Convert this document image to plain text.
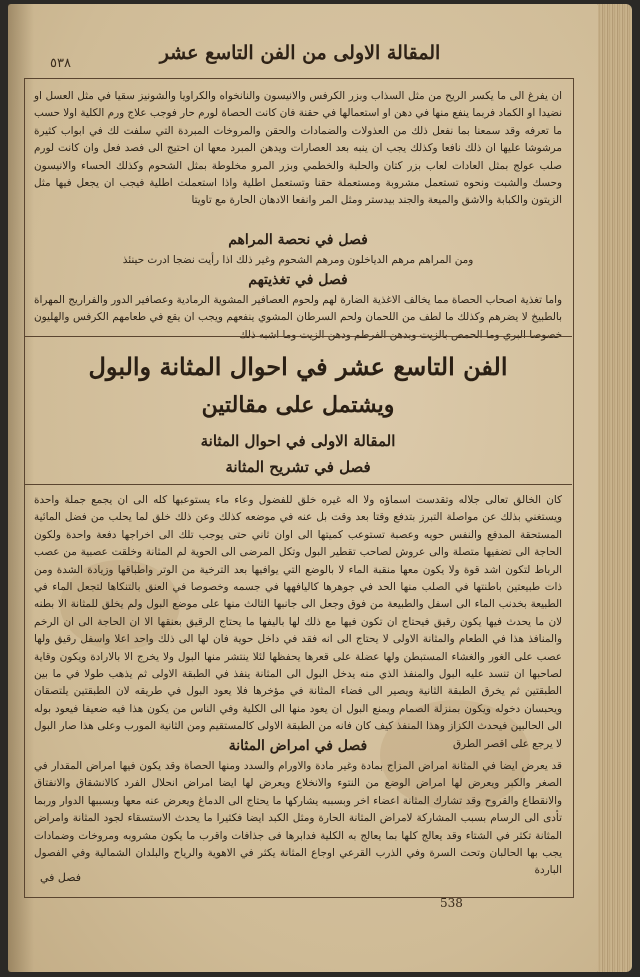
٥٣٨	المقالة الاولى من الفن التاسع عشر

ان يفرغ الى ما يكسر الريح من مثل السذاب وبزر الكرفس والانيسون والنانخواه والكراويا والشونيز سقيا في مثل العسل او نضيدا او الكماد فربما ينفع منها في دهن او استعمالها في حقنة فان كانت الحصاة لورم حار فوجب علاج ورم الكلية اولا حسب ما تعرفه وقد سمعنا بما نفعل ذلك من العذولات والضمادات والحقن والمروخات المبردة التي سلفت لك في ابواب كثيرة مرشوشا عليها ان ذلك نافعا وكذلك يجب ان ينبه بعد العصارات ويدهن المبرد معها ان احتيج الى فصد فعل وان كانت لورم صلب عولج بمثل العادات لعاب بزر كتان والحلبة والخطمي وبزر المرو مخلوطة بمثل الشحوم وكذلك الحساء والانيسون وحسك والشبت ونحوه تستعمل مشروبة ومستعملة حقنا وتستعمل اطلية واذا استعملت اطلية فيجب ان يجعل فيها مثل الزيتون والكبابة والاشق والميعة والجند بيدستر ومثل المر وانفعا الادهان الحارة مع تاويتا

فصل في نحصة المراهم
ومن المراهم مرهم الدياخلون ومرهم الشحوم وغير ذلك اذا رأيت نضجا ادرت حينئذ
فصل في تغذيتهم
واما تغذية اصحاب الحصاة مما يخالف الاغذية الضارة لهم ولحوم العصافير المشوية الرمادية وعصافير الدور والفراريج المهراة بالطبيخ لا يضرهم وكذلك ما لطف من اللحمان ولحم السرطان المشوي ينفعهم ويجب ان يقع في طعامهم الكرفس والهليون خصوصا البري وما الحمص بالزيت وبدهن الفرطم ودهن الزيت وما اشبه ذلك
الفن التاسع عشر في احوال المثانة والبول
ويشتمل على مقالتين
المقالة الاولى في احوال المثانة
فصل في تشريح المثانة
كان الخالق تعالى جلاله وتقدست اسماؤه ولا اله غيره خلق للفضول وعاء ماء يستوعبها كله الى ان يجمع جملة واحدة ويستغني بذلك عن مواصلة التبرز بتدفع وقتا بعد وقت بل عنه في موضعه كذلك وعن ذلك خلق لما يحلب من فضل المائية المستحقة المدفع والنفس حويه وعصبة تستوعب كميتها الى اوان ثاني حتى يوجب تلك الى اخراجها دفعة واحدة ولكون الحاجة الى تضفيها متصلة والى عروش لصاحب تقطير البول وتكل المرضى الى الحوية لم المثانة وخلقت عصبية من عصب الرباط لتكون اشد قوة ولا يكون معها منقبة الماء لا بالوضع التي يوافيها بعد الترخية من الوتر واطباقها وزيادة الشدة ومن ذات طبيعتين باطنتها في الصلب منها الحد في جوهرها كاليافهها في جسمه وخصوصا في العنق بالتنكاها لتجعل الماء في الطبيعة بخدنب الماء الى اسفل والطبيعة من فوق وجعل الى جانبها الثالث منها على موضع البول ولم يخلق للمثانة الا بطنه لان ما يحدث فيها يكون رقيق فيحتاج ان تكون فيها مع ذلك لها باليفها ما يحتاج الرقيق بعنقها الا ان الحاجة الى ان الرخم والمنافذ هذا في الطعام والمثانة الاولى لا يحتاج الى انه فقد في داخل حوية فان لها الى ذلك واحد اعلا واسفل رقيق ولها عصب على الغور والغشاء المستبطن ولها عضلة على قعرها يحفظها لئلا ينتشر منها البول ولا يخرج الا بالارادة ويكون وقاية لصاحبها ان تنسد عليه البول والمنفذ الذي منه يدخل البول الى المثانة ينفذ في الطبقة الاولى ثم يذهب طولا في ما بين الطبقتين ثم يخرق الطبقة الثانية ويصير الى فضاء المثانة في مؤخرها فلا يعود البول في طريقه لان الطبقتين يلتصقان ويحبسان دخوله ويكون بمنزلة الصمام ويمنع البول ان يعود منها الى الكلية وفي الناس من يكون هذا فيه ضعيفا فيعود بوله الى الحالبين فيحدث الكزاز وهذا المنفذ كيف كان فانه من الطبقة الاولى كالمستقيم ومن الثانية المورب وعلى هذا صار البول لا يرجع على اقصر الطرق
فصل في امراض المثانة
قد يعرض ايضا في المثانة امراض المزاج بمادة وغير مادة والاورام والسدد ومنها الحصاة وقد يكون فيها امراض المقدار في الصغر والكبر ويعرض لها امراض الوضع من النتوء والانخلاع ويعرض لها ايضا امراض انحلال الفرد كالانشقاق والانفتاق والانقطاع والقروح وقد تشارك المثانة اعضاء اخر وبسببه يشاركها ما يحتاج الى الدماغ ويعرض عنه معها وبسببها الدوار وربما تأدى الى الرسام بسبب المشاركة لامراض المثانة الحارة ومثل الكبد ايضا فكثيرا ما يحدث الاستسقاء لجود المثانة وامراض المثانة تكثر في الشتاء وقد يعالج كلها بما يعالج به الكلية فدابرها فى جذافات واقرب ما يكون مشروبه ومروخات وضمادات يجب بها الحالبان وتحت السرة وفي الذرب القرعي اوجاع المثانة يكثر في الاهوية والرياح والبلدان الشمالية وفي الفصول الباردة
فصل في
538
